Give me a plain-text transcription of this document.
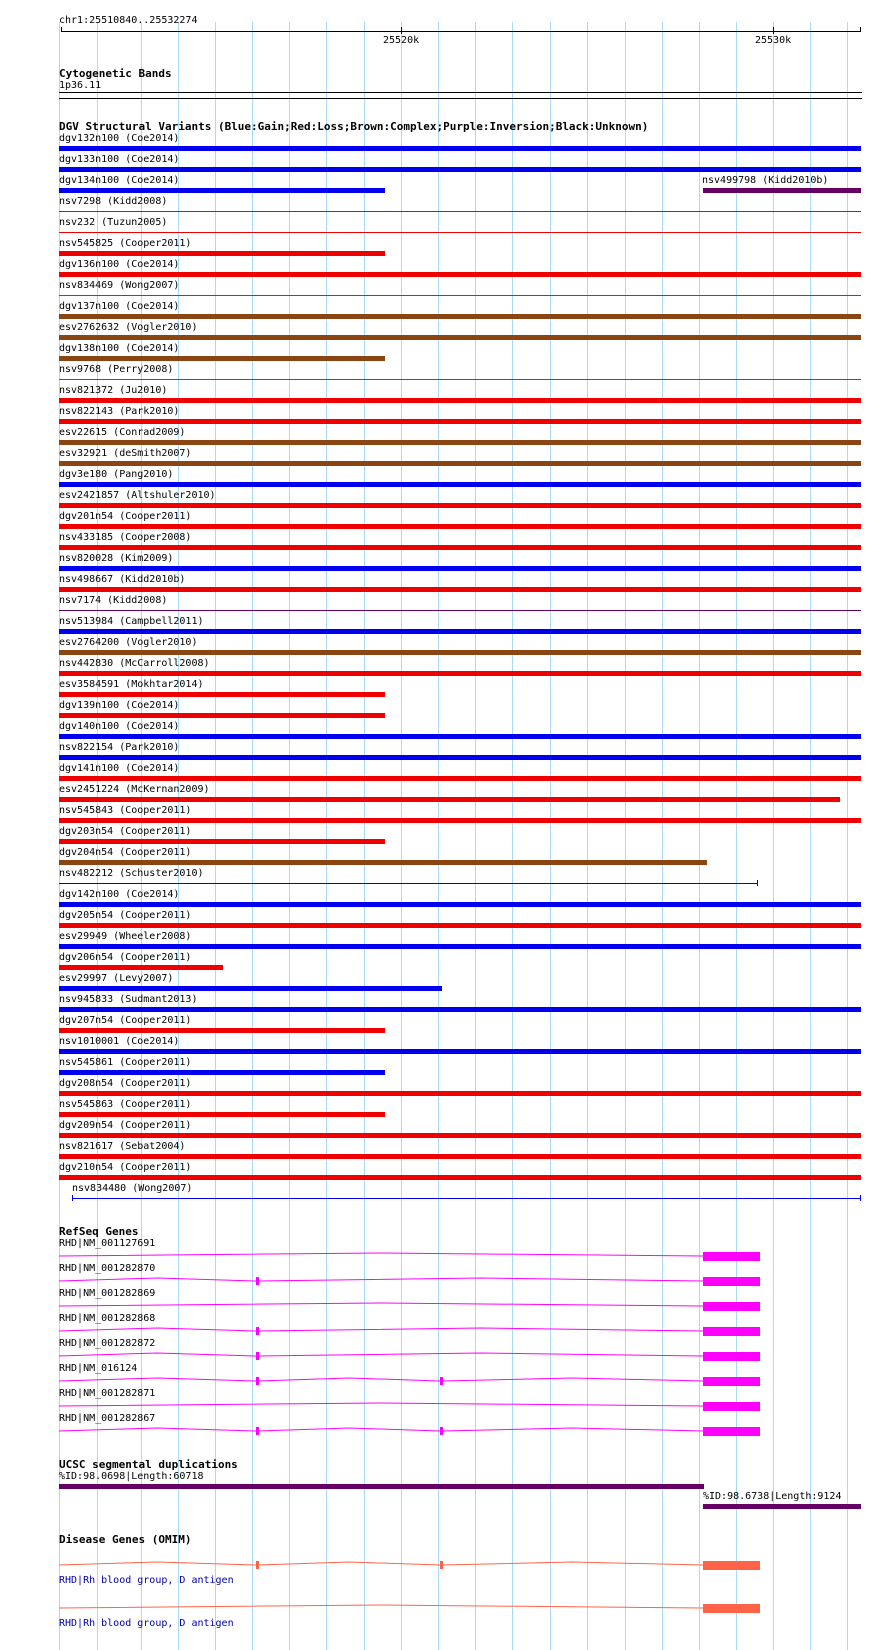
chr1:25510840..25532274
25520k	25530k
Cytogenetic Bands
1p36.11
DGV Structural Variants (Blue:Gain;Red:Loss;Brown:Complex;Purple:Inversion;Black:Unknown)
dgv132n100 (Coe2014)
dgv133n100 (Coe2014)
dgv134n100 (Coe2014)
nsv7298 (Kidd2008)
nsv232 (Tuzun2005)
nsv545825 (Cooper2011)
dgv136n100 (Coe2014)
nsv834469 (Wong2007)
dgv137n100 (Coe2014)
esv2762632 (Vogler2010)
dgv138n100 (Coe2014)
nsv9768 (Perry2008)
nsv821372 (Ju2010)
nsv822143 (Park2010)
esv22615 (Conrad2009)
esv32921 (deSmith2007)
dgv3e180 (Pang2010)
esv2421857 (Altshuler2010)
dgv201n54 (Cooper2011)
nsv433185 (Cooper2008)
nsv820028 (Kim2009)
nsv498667 (Kidd2010b)
nsv7174 (Kidd2008)
nsv513984 (Campbell2011)
esv2764200 (Vogler2010)
nsv442830 (McCarroll2008)
esv3584591 (Mokhtar2014)
dgv139n100 (Coe2014)
dgv140n100 (Coe2014)
nsv822154 (Park2010)
dgv141n100 (Coe2014)
esv2451224 (McKernan2009)
nsv545843 (Cooper2011)
dgv203n54 (Cooper2011)
dgv204n54 (Cooper2011)
nsv482212 (Schuster2010)
dgv142n100 (Coe2014)
dgv205n54 (Cooper2011)
esv29949 (Wheeler2008)
dgv206n54 (Cooper2011)
esv29997 (Levy2007)
nsv945833 (Sudmant2013)
dgv207n54 (Cooper2011)
nsv1010001 (Coe2014)
nsv545861 (Cooper2011)
dgv208n54 (Cooper2011)
nsv545863 (Cooper2011)
dgv209n54 (Cooper2011)
nsv821617 (Sebat2004)
dgv210n54 (Cooper2011)
nsv834480 (Wong2007)
nsv499798 (Kidd2010b)
RefSeq Genes
RHD|NM_001127691
RHD|NM_001282870
RHD|NM_001282869
RHD|NM_001282868
RHD|NM_001282872
RHD|NM_016124
RHD|NM_001282871
RHD|NM_001282867
UCSC segmental duplications
%ID:98.0698|Length:60718
%ID:98.6738|Length:9124
Disease Genes (OMIM)
RHD|Rh blood group, D antigen
RHD|Rh blood group, D antigen
